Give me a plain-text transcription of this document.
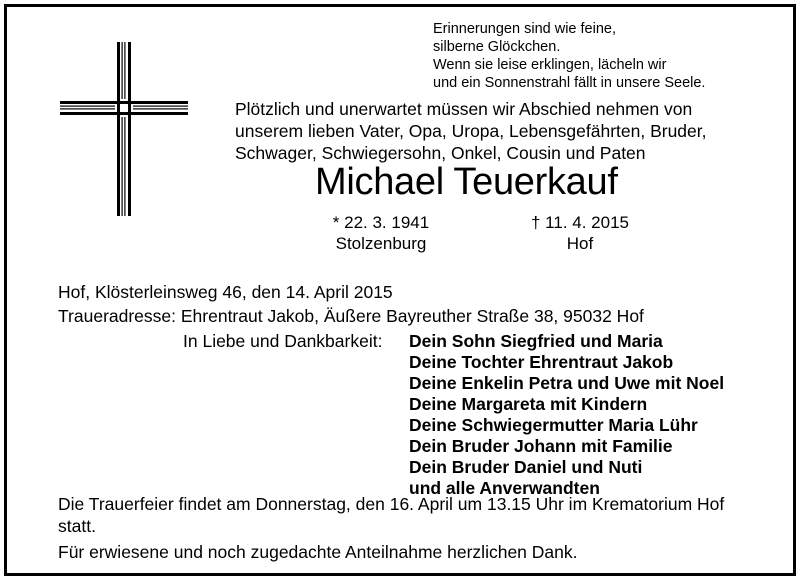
Erinnerungen sind wie feine,
silberne Glöckchen.
Wenn sie leise erklingen, lächeln wir
und ein Sonnenstrahl fällt in unsere Seele.
Plötzlich und unerwartet müssen wir Abschied nehmen von
unserem lieben Vater, Opa, Uropa, Lebensgefährten, Bruder,
Schwager, Schwiegersohn, Onkel, Cousin und Paten
Michael Teuerkauf
* 22. 3. 1941
Stolzenburg
† 11. 4. 2015
Hof
Hof, Klösterleinsweg 46, den 14. April 2015
Traueradresse: Ehrentraut Jakob, Äußere Bayreuther Straße 38, 95032 Hof
In Liebe und Dankbarkeit: Dein Sohn Siegfried und Maria
Deine Tochter Ehrentraut Jakob
Deine Enkelin Petra und Uwe mit Noel
Deine Margareta mit Kindern
Deine Schwiegermutter Maria Lühr
Dein Bruder Johann mit Familie
Dein Bruder Daniel und Nuti
und alle Anverwandten
Die Trauerfeier findet am Donnerstag, den 16. April um 13.15 Uhr im Krematorium Hof statt.
Für erwiesene und noch zugedachte Anteilnahme herzlichen Dank.
